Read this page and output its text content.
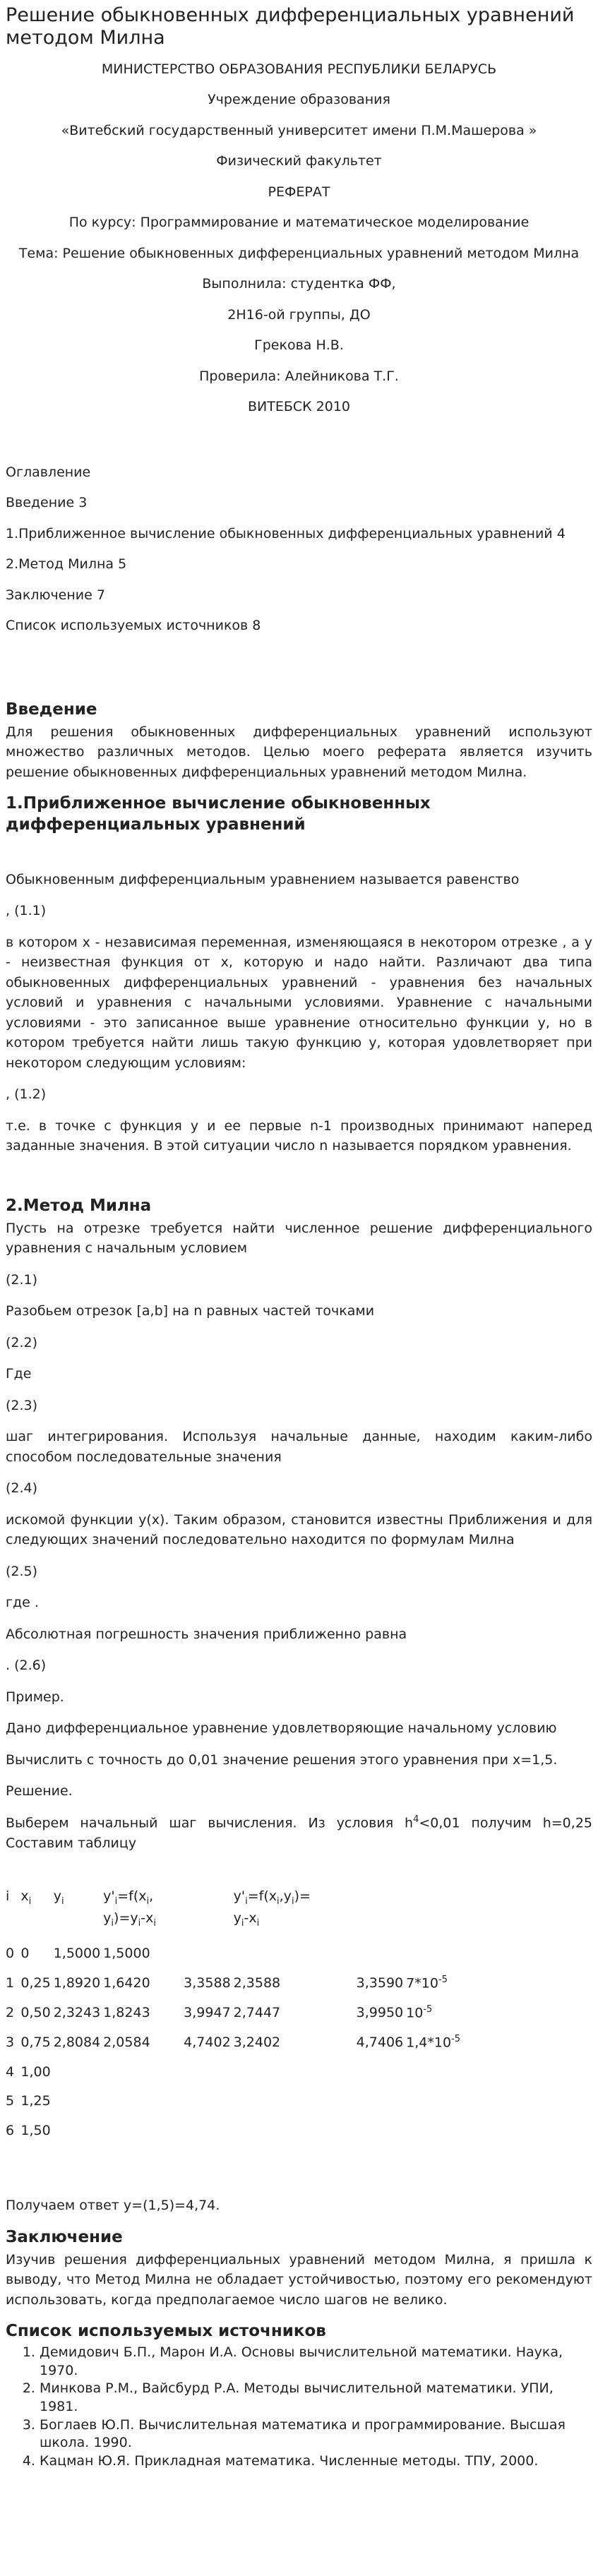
Решение обыкновенных дифференциальных уравнений методом Милна

МИНИСТЕРСТВО ОБРАЗОВАНИЯ РЕСПУБЛИКИ БЕЛАРУСЬ

Учреждение образования

«Витебский государственный университет имени П.М.Машерова »

Физический факультет

РЕФЕРАТ

По курсу: Программирование и математическое моделирование

Тема: Решение обыкновенных дифференциальных уравнений методом Милна

Выполнила: студентка ФФ,

2Н16-ой группы, ДО

Грекова Н.В.

Проверила: Алейникова Т.Г.

ВИТЕБСК 2010

Оглавление

Введение 3

1.Приближенное вычисление обыкновенных дифференциальных уравнений 4

2.Метод Милна 5

Заключение 7

Список используемых источников 8

Введение

Для решения обыкновенных дифференциальных уравнений используют множество различных методов. Целью моего реферата является изучить решение обыкновенных дифференциальных уравнений методом Милна.

1.Приближенное вычисление обыкновенных дифференциальных уравнений

Обыкновенным дифференциальным уравнением называется равенство

, (1.1)

в котором x - независимая переменная, изменяющаяся в некотором отрезке , а y - неизвестная функция от x, которую и надо найти. Различают два типа обыкновенных дифференциальных уравнений - уравнения без начальных условий и уравнения с начальными условиями. Уравнение с начальными условиями - это записанное выше уравнение относительно функции y, но в котором требуется найти лишь такую функцию y, которая удовлетворяет при некотором следующим условиям:

, (1.2)

т.е. в точке с функция y и ее первые n-1 производных принимают наперед заданные значения. В этой ситуации число n называется порядком уравнения.

2.Метод Милна

Пусть на отрезке требуется найти численное решение дифференциального уравнения с начальным условием

(2.1)

Разобьем отрезок [a,b] на n равных частей точками

(2.2)

Где

(2.3)

шаг интегрирования. Используя начальные данные, находим каким-либо способом последовательные значения

(2.4)

искомой функции y(x). Таким образом, становится известны Приближения и для следующих значений последовательно находится по формулам Милна

(2.5)

где .

Абсолютная погрешность значения приближенно равна

. (2.6)

Пример.

Дано дифференциальное уравнение удовлетворяющие начальному условию

Вычислить с точность до 0,01 значение решения этого уравнения при x=1,5.

Решение.

Выберем начальный шаг вычисления. Из условия $h^4<0,01$ получим h=0,25 Составим таблицу

i	$x_i$	$y_i$	$y'_i=f(x_i$, $y_i)=y_i-x_i$		$y'_i=f(x_i,y_i)=$
$y_i-x_i$		
0	0	1,5000	1,5000				
1	0,25	1,8920	1,6420	3,3588	2,3588	3,3590	$7*10^{-5}$
2	0,50	2,3243	1,8243	3,9947	2,7447	3,9950	$10^{-5}$
3	0,75	2,8084	2,0584	4,7402	3,2402	4,7406	$1,4*10^{-5}$
4	1,00						
5	1,25						
6	1,50						

Получаем ответ y=(1,5)=4,74.

Заключение

Изучив решения дифференциальных уравнений методом Милна, я пришла к выводу, что Метод Милна не обладает устойчивостью, поэтому его рекомендуют использовать, когда предполагаемое число шагов не велико.

Список используемых источников
1. Демидович Б.П., Марон И.А. Основы вычислительной математики. Наука, 1970.
2. Минкова Р.М., Вайсбурд Р.А. Методы вычислительной математики. УПИ, 1981.
3. Боглаев Ю.П. Вычислительная математика и программирование. Высшая школа. 1990.
4. Кацман Ю.Я. Прикладная математика. Численные методы. ТПУ, 2000.
